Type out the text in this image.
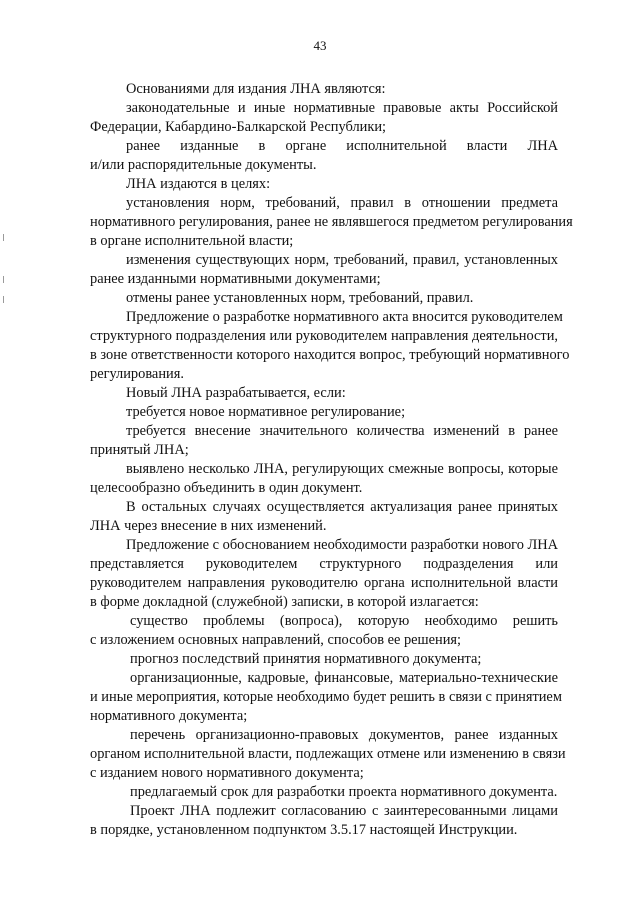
43

Основаниями для издания ЛНА являются:

законодательные и иные нормативные правовые акты Российской

Федерации, Кабардино-Балкарской Республики;

ранее изданные в органе исполнительной власти ЛНА

и/или распорядительные документы.

ЛНА издаются в целях:

установления норм, требований, правил в отношении предмета

нормативного регулирования, ранее не являвшегося предметом регулирования

в органе исполнительной власти;

изменения существующих норм, требований, правил, установленных

ранее изданными нормативными документами;

отмены ранее установленных норм, требований, правил.

Предложение о разработке нормативного акта вносится руководителем

структурного подразделения или руководителем направления деятельности,

в зоне ответственности которого находится вопрос, требующий нормативного

регулирования.

Новый ЛНА разрабатывается, если:

требуется новое нормативное регулирование;

требуется внесение значительного количества изменений в ранее

принятый ЛНА;

выявлено несколько ЛНА, регулирующих смежные вопросы, которые

целесообразно объединить в один документ.

В остальных случаях осуществляется актуализация ранее принятых

ЛНА через внесение в них изменений.

Предложение с обоснованием необходимости разработки нового ЛНА

представляется руководителем структурного подразделения или

руководителем направления руководителю органа исполнительной власти

в форме докладной (служебной) записки, в которой излагается:

существо проблемы (вопроса), которую необходимо решить

с изложением основных направлений, способов ее решения;

прогноз последствий принятия нормативного документа;

организационные, кадровые, финансовые, материально-технические

и иные мероприятия, которые необходимо будет решить в связи с принятием

нормативного документа;

перечень организационно-правовых документов, ранее изданных

органом исполнительной власти, подлежащих отмене или изменению в связи

с изданием нового нормативного документа;

предлагаемый срок для разработки проекта нормативного документа.

Проект ЛНА подлежит согласованию с заинтересованными лицами

в порядке, установленном подпунктом 3.5.17 настоящей Инструкции.
